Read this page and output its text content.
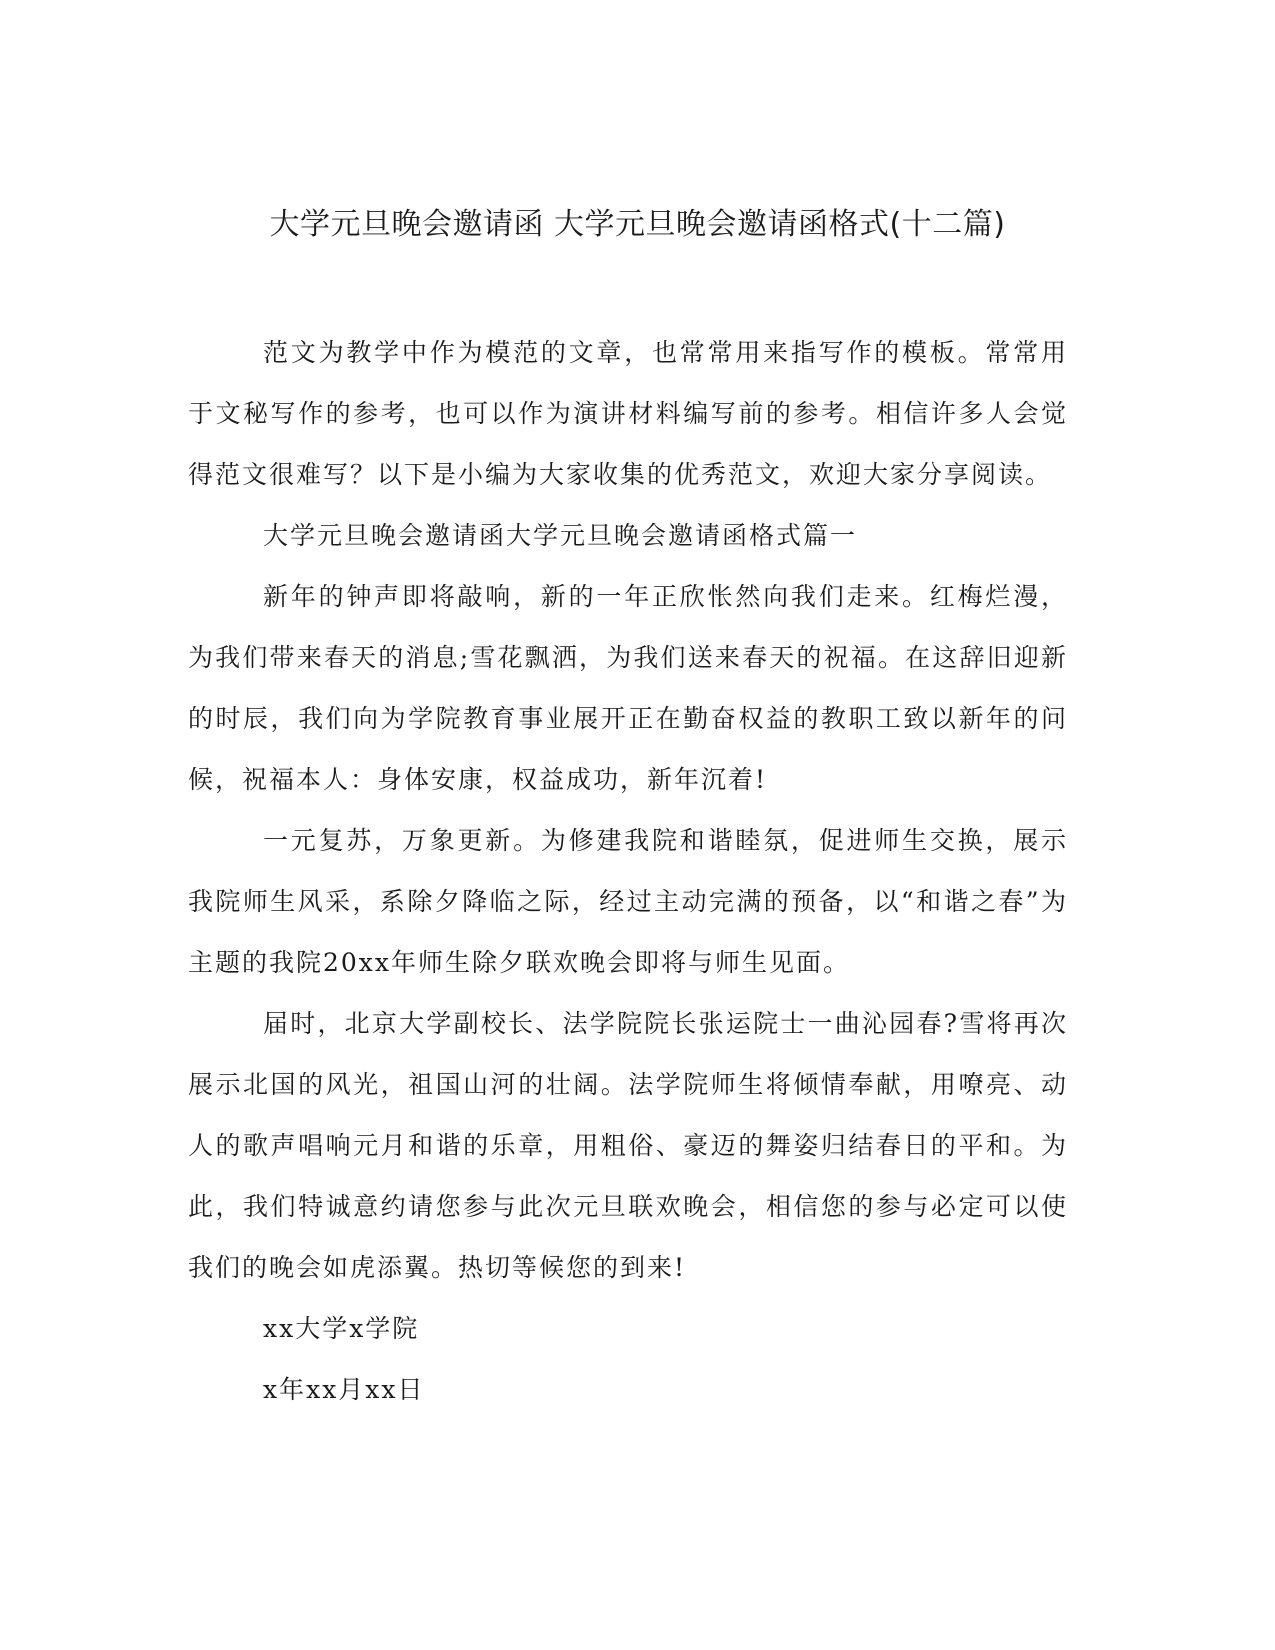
大学元旦晚会邀请函 大学元旦晚会邀请函格式(十二篇)

范文为教学中作为模范的文章，也常常用来指写作的模板。常常用于文秘写作的参考，也可以作为演讲材料编写前的参考。相信许多人会觉得范文很难写？以下是小编为大家收集的优秀范文，欢迎大家分享阅读。

大学元旦晚会邀请函大学元旦晚会邀请函格式篇一

新年的钟声即将敲响，新的一年正欣怅然向我们走来。红梅烂漫，为我们带来春天的消息;雪花飘洒，为我们送来春天的祝福。在这辞旧迎新的时辰，我们向为学院教育事业展开正在勤奋权益的教职工致以新年的问候，祝福本人：身体安康，权益成功，新年沉着!

一元复苏，万象更新。为修建我院和谐睦氛，促进师生交换，展示我院师生风采，系除夕降临之际，经过主动完满的预备，以“和谐之春”为主题的我院20xx年师生除夕联欢晚会即将与师生见面。

届时，北京大学副校长、法学院院长张运院士一曲沁园春?雪将再次展示北国的风光，祖国山河的壮阔。法学院师生将倾情奉献，用嘹亮、动人的歌声唱响元月和谐的乐章，用粗俗、豪迈的舞姿归结春日的平和。为此，我们特诚意约请您参与此次元旦联欢晚会，相信您的参与必定可以使我们的晚会如虎添翼。热切等候您的到来!

xx大学x学院

x年xx月xx日
